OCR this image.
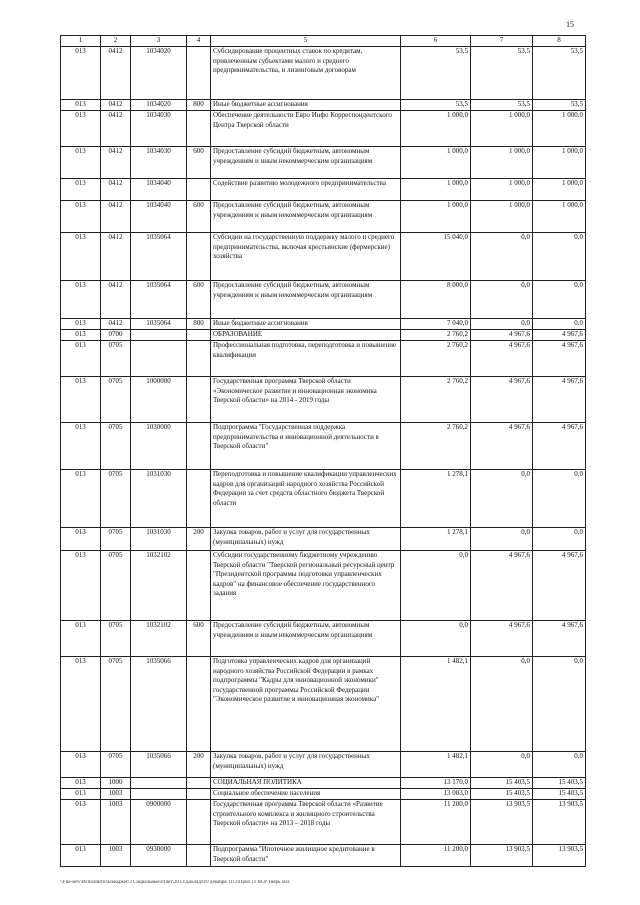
15
1	2	3	4	5	6	7	8
013	0412	1034020		Субсидирование процентных ставок по кредитам, привлеченным субъектами малого и среднего предпринимательства, и лизинговым договорам	53,5	53,5	53,5
013	0412	1034020	800	Иные бюджетные ассигнования	53,5	53,5	53,5
013	0412	1034030		Обеспечение деятельности Евро Инфо Корреспондентского Центра Тверской области	1 000,0	1 000,0	1 000,0
013	0412	1034030	600	Предоставление субсидий бюджетным, автономным учреждениям и иным некоммерческим организациям	1 000,0	1 000,0	1 000,0
013	0412	1034040		Содействие развитию молодежного предпринимательства	1 000,0	1 000,0	1 000,0
013	0412	1034040	600	Предоставление субсидий бюджетным, автономным учреждениям и иным некоммерческим организациям	1 000,0	1 000,0	1 000,0
013	0412	1035064		Субсидии на государственную поддержку малого и среднего предпринимательства, включая крестьянские (фермерские) хозяйства	15 040,0	0,0	0,0
013	0412	1035064	600	Предоставление субсидий бюджетным, автономным учреждениям и иным некоммерческим организациям	8 000,0	0,0	0,0
013	0412	1035064	800	Иные бюджетные ассигнования	7 040,0	0,0	0,0
013	0700			ОБРАЗОВАНИЕ	2 760,2	4 967,6	4 967,6
013	0705			Профессиональная подготовка, переподготовка и повышение квалификации	2 760,2	4 967,6	4 967,6
013	0705	1000000		Государственная программа Тверской области «Экономическое развитие и инновационная экономика Тверской области» на 2014 - 2019 годы	2 760,2	4 967,6	4 967,6
013	0705	1030000		Подпрограмма "Государственная поддержка предпринимательства и инновационной деятельности в Тверской области"	2 760,2	4 967,6	4 967,6
013	0705	1031030		Переподготовка и повышение квалификации управленческих кадров для организаций народного хозяйства Российской Федерации за счет средств областного бюджета Тверской области	1 278,1	0,0	0,0
013	0705	1031030	200	Закупка товаров, работ и услуг для государственных (муниципальных) нужд	1 278,1	0,0	0,0
013	0705	1032102		Субсидии государственному бюджетному учреждению Тверской области "Тверской региональный ресурсный центр "Президентской программы подготовки управленческих кадров" на финансовое обеспечение государственного задания	0,0	4 967,6	4 967,6
013	0705	1032102	600	Предоставление субсидий бюджетным, автономным учреждениям и иным некоммерческим организациям	0,0	4 967,6	4 967,6
013	0705	1035066		Подготовка управленческих кадров для организаций народного хозяйства Российской Федерации в рамках подпрограммы "Кадры для инновационной экономики" государственной программы Российской Федерации "Экономическое развитие и инновационная экономика"	1 482,1	0,0	0,0
013	0705	1035066	200	Закупка товаров, работ и услуг для государственных (муниципальных) нужд	1 482,1	0,0	0,0
013	1000			СОЦИАЛЬНАЯ ПОЛИТИКА	13 170,0	15 403,5	15 403,5
013	1003			Социальное обеспечение населения	13 003,0	15 403,5	15 403,5
013	1003	0900000		Государственная программа Тверской области «Развитие строительного комплекса и жилищного строительства Тверской области» на 2013 – 2018 годы	11 200,0	13 903,5	13 903,5
013	1003	0930000		Подпрограмма "Ипотечное жилищное кредитование в Тверской области"	11 200,0	13 903,5	13 903,5
\\File-serv\Исполнитель\Бюджет\3 Социальные\отчет\2013\Доклад\8\9 декабря 1113\Прил 11 ВСР Тверь.xlsx
